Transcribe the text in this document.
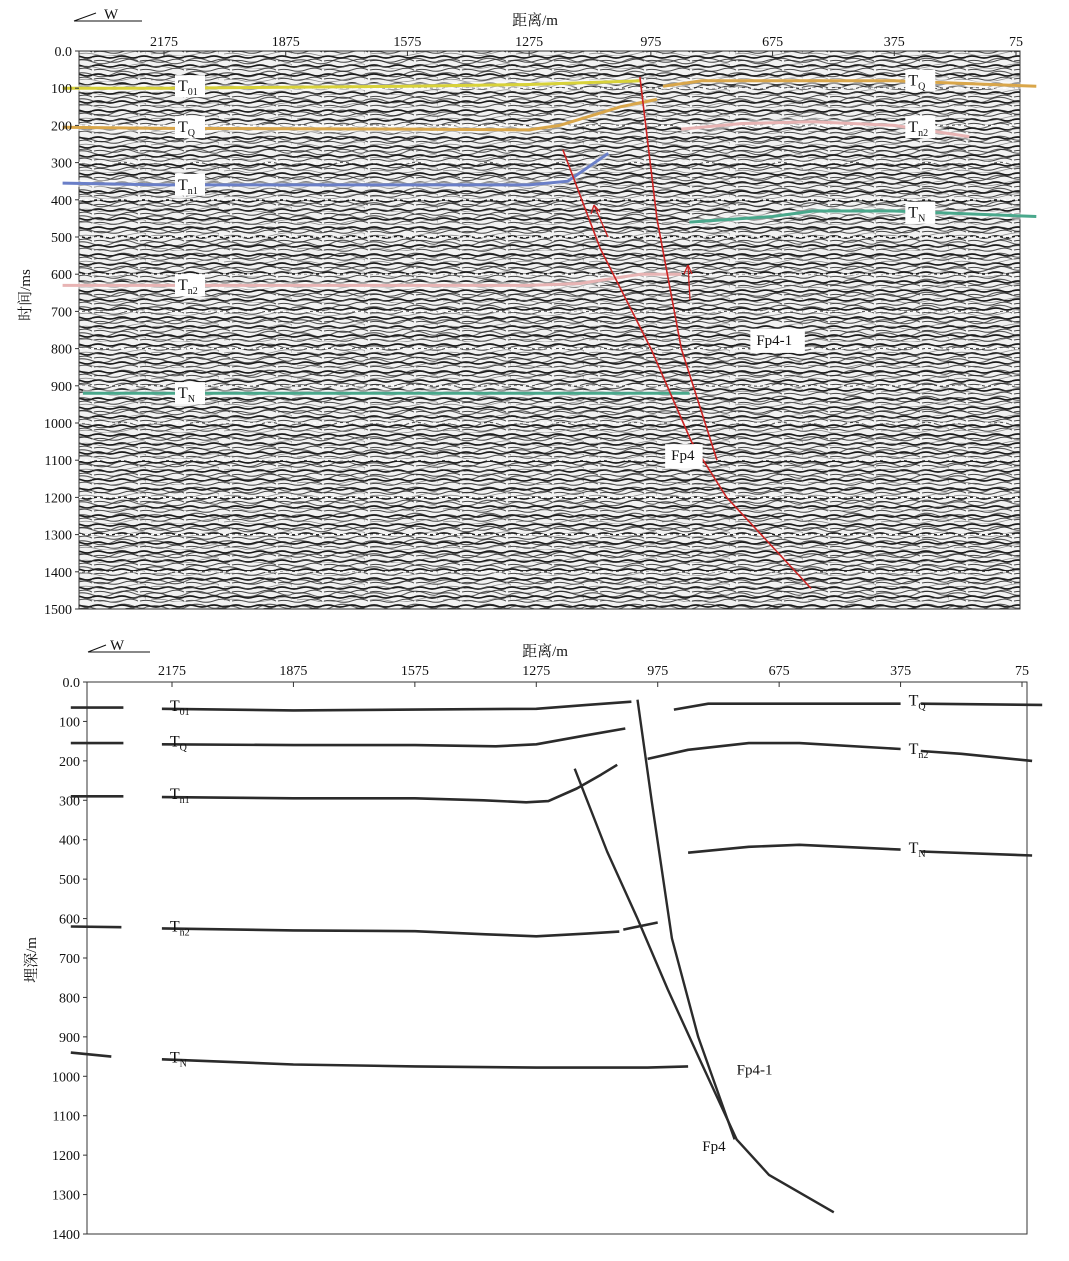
$T_{01}$
$T_Q$
$T_Q$
$T_{n1}$
$T_{n2}$
$T_N$
$T_{n2}$
$T_N$
Fp4
Fp4-1
W	距离/m
2175	1875	1575	1275	975	675	375	75
0.0
100
200
300
400
500
600
700
800
900
1000
1100
1200
1300
1400
1500
时间/ms
$T_{01}$
$T_Q$
$T_Q$	$T_{n2}$
$T_{n1}$
$T_N$
$T_{n2}$
$T_N$
Fp4
Fp4-1
W	距离/m
2175	1875	1575	1275	975	675	375	75
0.0
100
200
300
400
500
600
700
800
900
1000
1100
1200
1300
1400
埋深/m
